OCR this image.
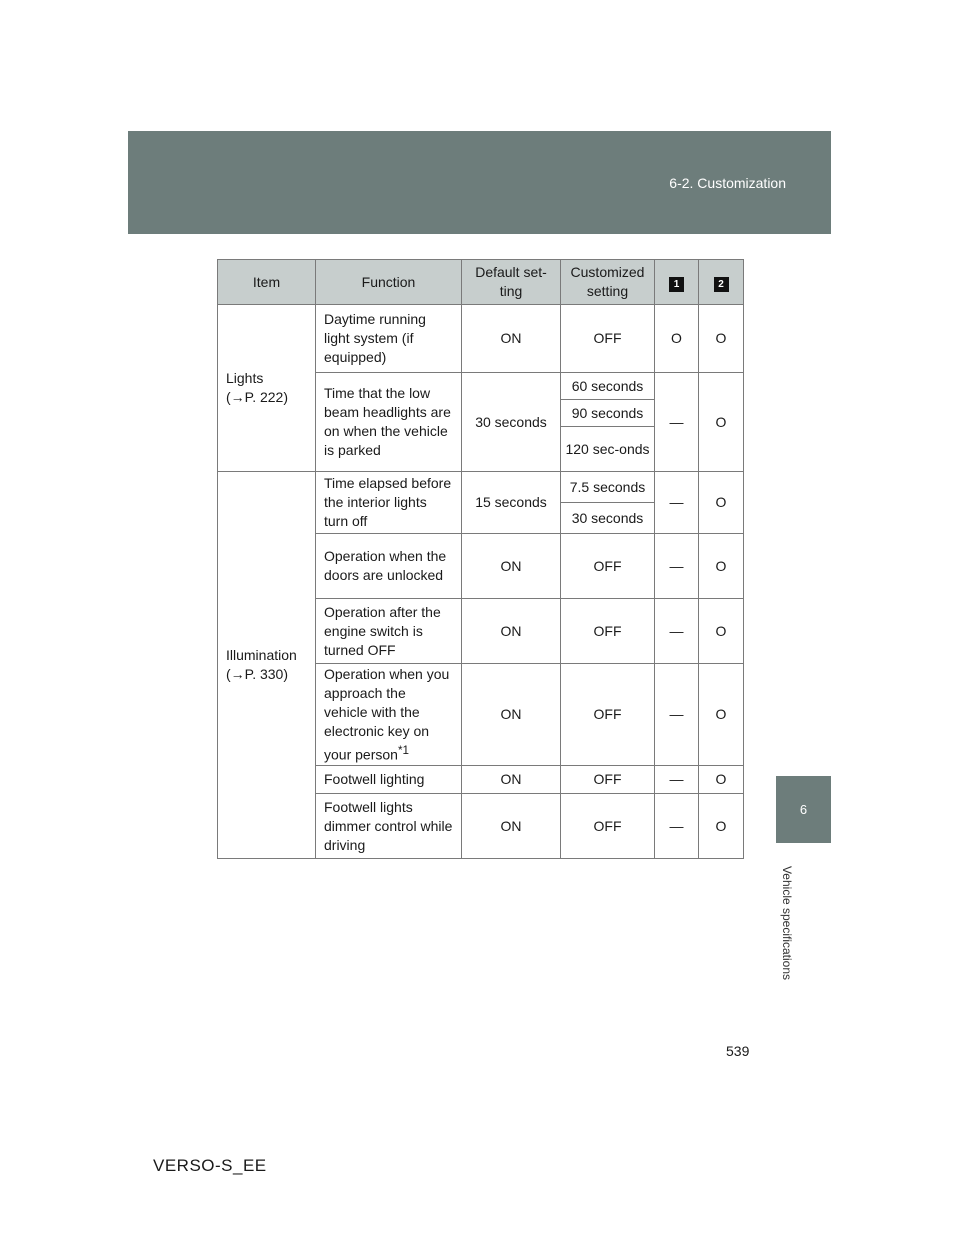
6-2. Customization
6
Vehicle specifications
Item	Function	Default set-ting	Customized setting	1	2
Lights
(→P. 222)	Daytime running light system (if equipped)	ON	OFF	O	O
	Time that the low beam headlights are on when the vehicle is parked	30 seconds	60 seconds	—	O
			90 seconds		
			120 sec-onds		
Illumination
(→P. 330)	Time elapsed before the interior lights turn off	15 seconds	7.5 seconds	—	O
			30 seconds		
	Operation when the doors are unlocked	ON	OFF	—	O
	Operation after the engine switch is turned OFF	ON	OFF	—	O
	Operation when you approach the vehicle with the electronic key on your person$^{*1}$	ON	OFF	—	O
	Footwell lighting	ON	OFF	—	O
	Footwell lights dimmer control while driving	ON	OFF	—	O
539
VERSO-S_EE
